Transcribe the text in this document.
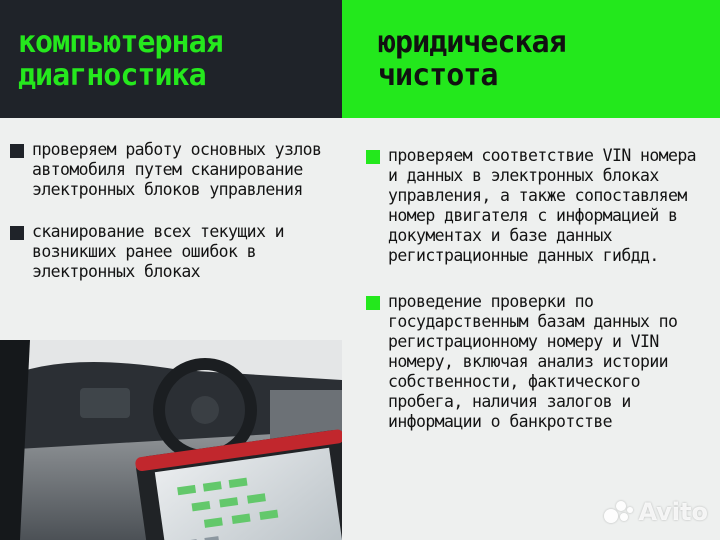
компьютерная
диагностика
юридическая
чистота
проверяем работу основных узлов автомобиля путем сканирование электронных блоков управления
сканирование всех текущих и возникших ранее ошибок в электронных блоках
проверяем соответствие VIN номера и данных в электронных блоках управления, а также сопоставляем номер двигателя с информацией в документах и базе данных регистрационные данных гибдд.
проведение проверки по государственным базам данных по регистрационному номеру и VIN номеру, включая анализ истории собственности, фактического пробега, наличия залогов и информации о банкротстве
Avito
